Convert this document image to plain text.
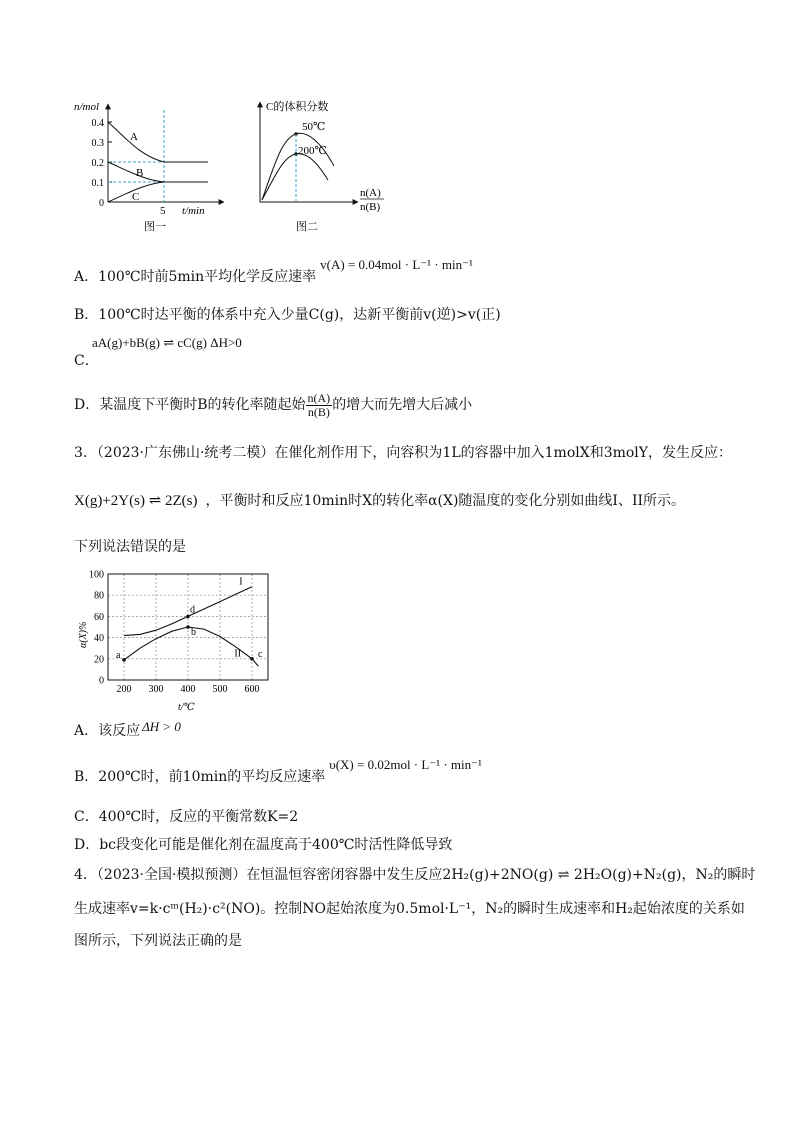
n/mol
0
0.1
0.2
0.3
0.4
A
B
C
5 t/min
图一
C的体积分数
50℃
200℃
n(A)
n(B)
图二
A．100℃时前5min平均化学反应速率v(A) = 0.04mol · L⁻¹ · min⁻¹
B．100℃时达平衡的体系中充入少量C(g)，达新平衡前v(逆)>v(正)
aA(g)+bB(g) ⇌ cC(g) ΔH>0
C．
D．某温度下平衡时B的转化率随起始 $\frac{n(A)}{n(B)}$ 的增大而先增大后减小
3．（2023·广东佛山·统考二模）在催化剂作用下，向容积为1L的容器中加入1molX和3molY，发生反应：
X(g)+2Y(s) ⇌ 2Z(s) ，平衡时和反应10min时X的转化率α(X)随温度的变化分别如曲线I、II所示。
下列说法错误的是
0
20
40
60
80
100
200 300 400 500 600
I
II
a
d
b
c
α(X)%
t/℃
A．该反应 ΔH > 0
B．200℃时，前10min的平均反应速率υ(X) = 0.02mol · L⁻¹ · min⁻¹
C．400℃时，反应的平衡常数K=2
D．bc段变化可能是催化剂在温度高于400℃时活性降低导致
4．（2023·全国·模拟预测）在恒温恒容密闭容器中发生反应2H₂(g)+2NO(g) ⇌ 2H₂O(g)+N₂(g)，N₂的瞬时
生成速率v=k·cᵐ(H₂)·c²(NO)。控制NO起始浓度为0.5mol·L⁻¹，N₂的瞬时生成速率和H₂起始浓度的关系如
图所示，下列说法正确的是
